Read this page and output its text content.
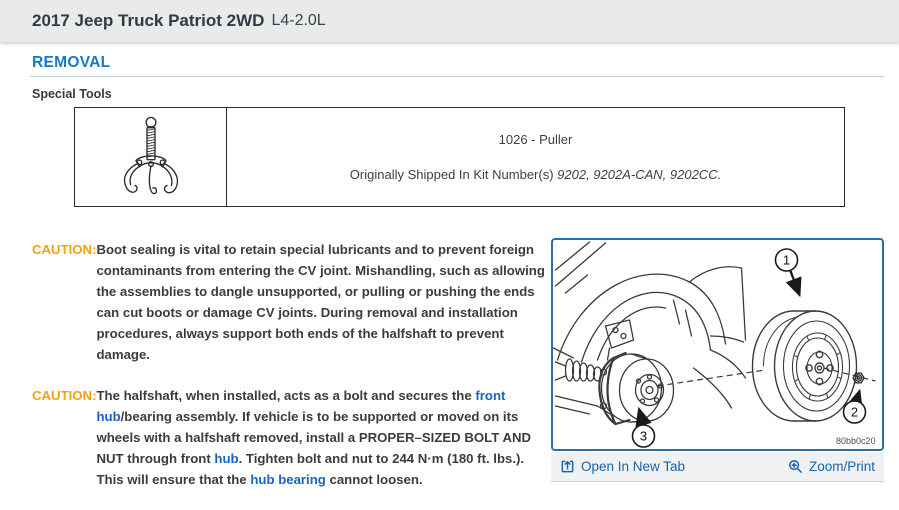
2017 Jeep Truck Patriot 2WD L4-2.0L
REMOVAL
Special Tools
1026 - Puller
Originally Shipped In Kit Number(s) 9202, 9202A-CAN, 9202CC.
CAUTION: Boot sealing is vital to retain special lubricants and to prevent foreign contaminants from entering the CV joint. Mishandling, such as allowing the assemblies to dangle unsupported, or pulling or pushing the ends can cut boots or damage CV joints. During removal and installation procedures, always support both ends of the halfshaft to prevent damage.
CAUTION: The halfshaft, when installed, acts as a bolt and secures the front hub/bearing assembly. If vehicle is to be supported or moved on its wheels with a halfshaft removed, install a PROPER–SIZED BOLT AND NUT through front hub. Tighten bolt and nut to 244 N·m (180 ft. lbs.). This will ensure that the hub bearing cannot loosen.
1
2
3	80bb0c20
Open In New Tab	Zoom/Print
